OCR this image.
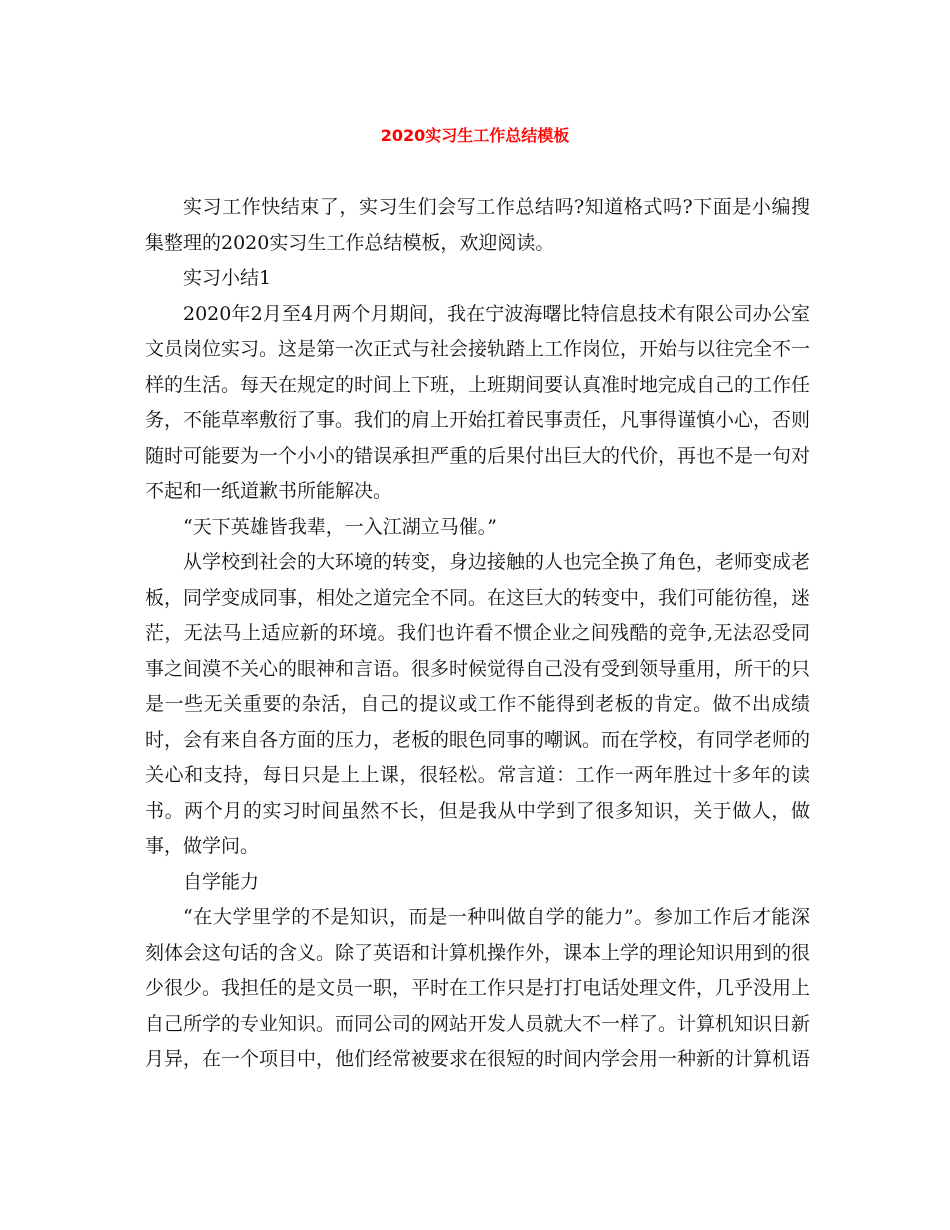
2020实习生工作总结模板

实习工作快结束了，实习生们会写工作总结吗?知道格式吗?下面是小编搜集整理的2020实习生工作总结模板，欢迎阅读。

实习小结1

2020年2月至4月两个月期间，我在宁波海曙比特信息技术有限公司办公室文员岗位实习。这是第一次正式与社会接轨踏上工作岗位，开始与以往完全不一样的生活。每天在规定的时间上下班，上班期间要认真准时地完成自己的工作任务，不能草率敷衍了事。我们的肩上开始扛着民事责任，凡事得谨慎小心，否则随时可能要为一个小小的错误承担严重的后果付出巨大的代价，再也不是一句对不起和一纸道歉书所能解决。

“天下英雄皆我辈，一入江湖立马催。”

从学校到社会的大环境的转变，身边接触的人也完全换了角色，老师变成老板，同学变成同事，相处之道完全不同。在这巨大的转变中，我们可能彷徨，迷茫，无法马上适应新的环境。我们也许看不惯企业之间残酷的竞争,无法忍受同事之间漠不关心的眼神和言语。很多时候觉得自己没有受到领导重用，所干的只是一些无关重要的杂活，自己的提议或工作不能得到老板的肯定。做不出成绩时，会有来自各方面的压力，老板的眼色同事的嘲讽。而在学校，有同学老师的关心和支持，每日只是上上课，很轻松。常言道：工作一两年胜过十多年的读书。两个月的实习时间虽然不长，但是我从中学到了很多知识，关于做人，做事，做学问。

自学能力

“在大学里学的不是知识，而是一种叫做自学的能力”。参加工作后才能深刻体会这句话的含义。除了英语和计算机操作外，课本上学的理论知识用到的很少很少。我担任的是文员一职，平时在工作只是打打电话处理文件，几乎没用上自己所学的专业知识。而同公司的网站开发人员就大不一样了。计算机知识日新月异，在一个项目中，他们经常被要求在很短的时间内学会用一种新的计算机语
